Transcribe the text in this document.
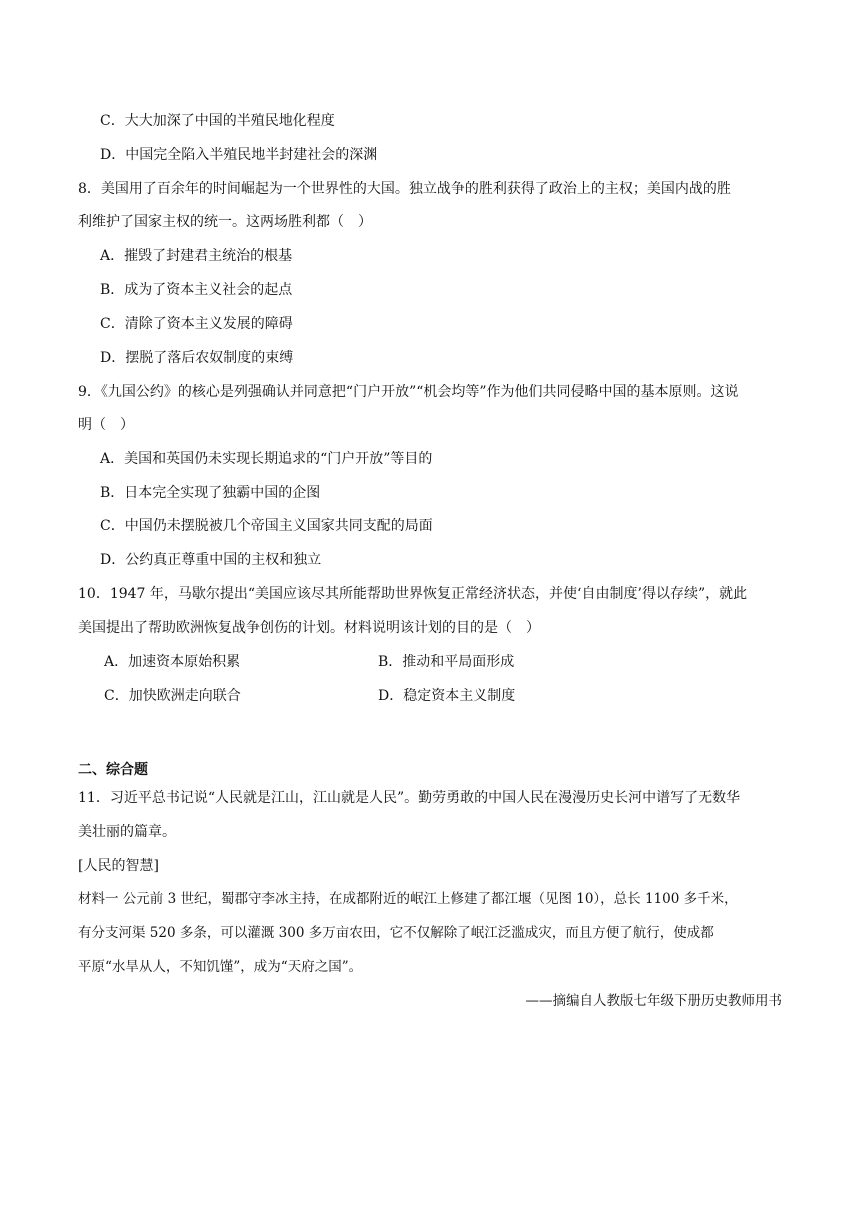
C．大大加深了中国的半殖民地化程度
D．中国完全陷入半殖民地半封建社会的深渊
8．美国用了百余年的时间崛起为一个世界性的大国。独立战争的胜利获得了政治上的主权；美国内战的胜
利维护了国家主权的统一。这两场胜利都（　）
A．摧毁了封建君主统治的根基
B．成为了资本主义社会的起点
C．清除了资本主义发展的障碍
D．摆脱了落后农奴制度的束缚
9．《九国公约》的核心是列强确认并同意把“门户开放”“机会均等”作为他们共同侵略中国的基本原则。这说
明（　）
A．美国和英国仍未实现长期追求的“门户开放”等目的
B．日本完全实现了独霸中国的企图
C．中国仍未摆脱被几个帝国主义国家共同支配的局面
D．公约真正尊重中国的主权和独立
10．1947 年，马歇尔提出“美国应该尽其所能帮助世界恢复正常经济状态，并使‘自由制度’得以存续”，就此
美国提出了帮助欧洲恢复战争创伤的计划。材料说明该计划的目的是（　）
A．加速资本原始积累	B．推动和平局面形成
C．加快欧洲走向联合	D．稳定资本主义制度
二、综合题
11．习近平总书记说“人民就是江山，江山就是人民”。勤劳勇敢的中国人民在漫漫历史长河中谱写了无数华
美壮丽的篇章。
[人民的智慧]
材料一 公元前 3 世纪，蜀郡守李冰主持，在成都附近的岷江上修建了都江堰（见图 10），总长 1100 多千米，
有分支河渠 520 多条，可以灌溉 300 多万亩农田，它不仅解除了岷江泛滥成灾，而且方便了航行，使成都
平原“水旱从人，不知饥馑”，成为“天府之国”。
——摘编自人教版七年级下册历史教师用书
